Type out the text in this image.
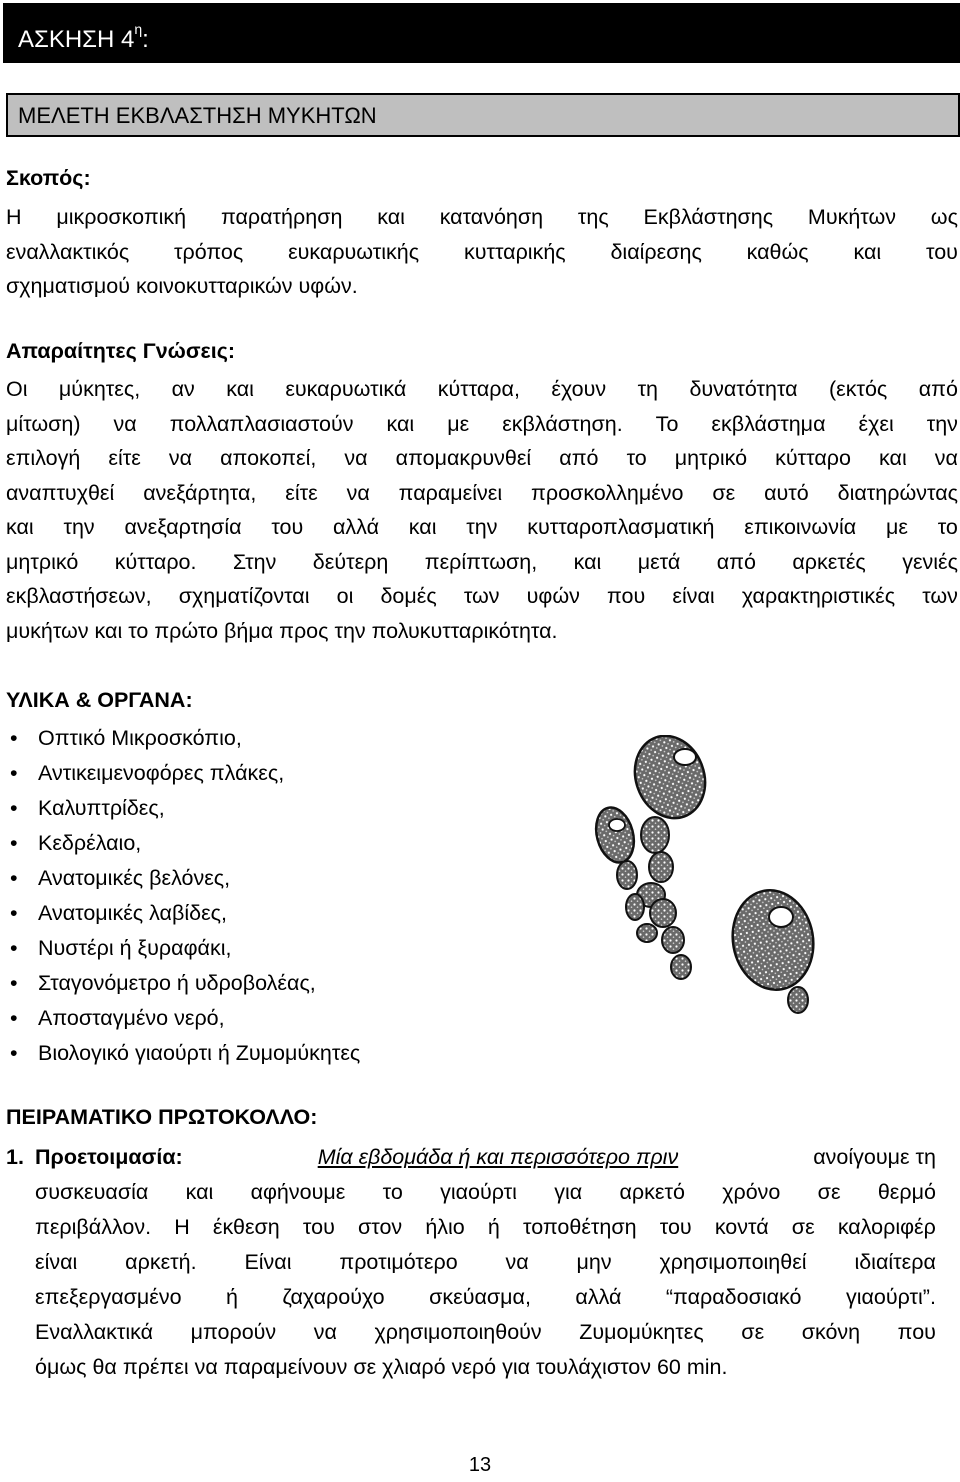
ΑΣΚΗΣΗ $4^\eta$:
ΜΕΛΕΤΗ ΕΚΒΛΑΣΤΗΣΗ ΜΥΚΗΤΩΝ
Σκοπός:
Η μικροσκοπική παρατήρηση και κατανόηση της Εκβλάστησης Μυκήτων ως
εναλλακτικός τρόπος ευκαρυωτικής κυτταρικής διαίρεσης καθώς και του
σχηματισμού κοινοκυτταρικών υφών.
Απαραίτητες Γνώσεις:
Οι μύκητες, αν και ευκαρυωτικά κύτταρα, έχουν τη δυνατότητα (εκτός από
μίτωση) να πολλαπλασιαστούν και με εκβλάστηση. Το εκβλάστημα έχει την
επιλογή είτε να αποκοπεί, να απομακρυνθεί από το μητρικό κύτταρο και να
αναπτυχθεί ανεξάρτητα, είτε να παραμείνει προσκολλημένο σε αυτό διατηρώντας
και την ανεξαρτησία του αλλά και την κυτταροπλασματική επικοινωνία με το
μητρικό κύτταρο. Στην δεύτερη περίπτωση, και μετά από αρκετές γενιές
εκβλαστήσεων, σχηματίζονται οι δομές των υφών που είναι χαρακτηριστικές των
μυκήτων και το πρώτο βήμα προς την πολυκυτταρικότητα.
ΥΛΙΚΑ & ΟΡΓΑΝΑ:
• Οπτικό Μικροσκόπιο,
• Αντικειμενοφόρες πλάκες,
• Καλυπτρίδες,
• Κεδρέλαιο,
• Ανατομικές βελόνες,
• Ανατομικές λαβίδες,
• Νυστέρι ή ξυραφάκι,
• Σταγονόμετρο ή υδροβολέας,
• Αποσταγμένο νερό,
• Βιολογικό γιαούρτι ή Ζυμομύκητες
ΠΕΙΡΑΜΑΤΙΚΟ ΠΡΩΤΟΚΟΛΛΟ:
1. Προετοιμασία:	Μία εβδομάδα ή και περισσότερο πριν	ανοίγουμε τη
συσκευασία και αφήνουμε το γιαούρτι για αρκετό χρόνο σε θερμό
περιβάλλον. Η έκθεση του στον ήλιο ή τοποθέτηση του κοντά σε καλοριφέρ
είναι αρκετή. Είναι προτιμότερο να μην χρησιμοποιηθεί ιδιαίτερα
επεξεργασμένο ή ζαχαρούχο σκεύασμα, αλλά “παραδοσιακό γιαούρτι”.
Εναλλακτικά μπορούν να χρησιμοποιηθούν Ζυμομύκητες σε σκόνη που
όμως θα πρέπει να παραμείνουν σε χλιαρό νερό για τουλάχιστον 60 min.
13
